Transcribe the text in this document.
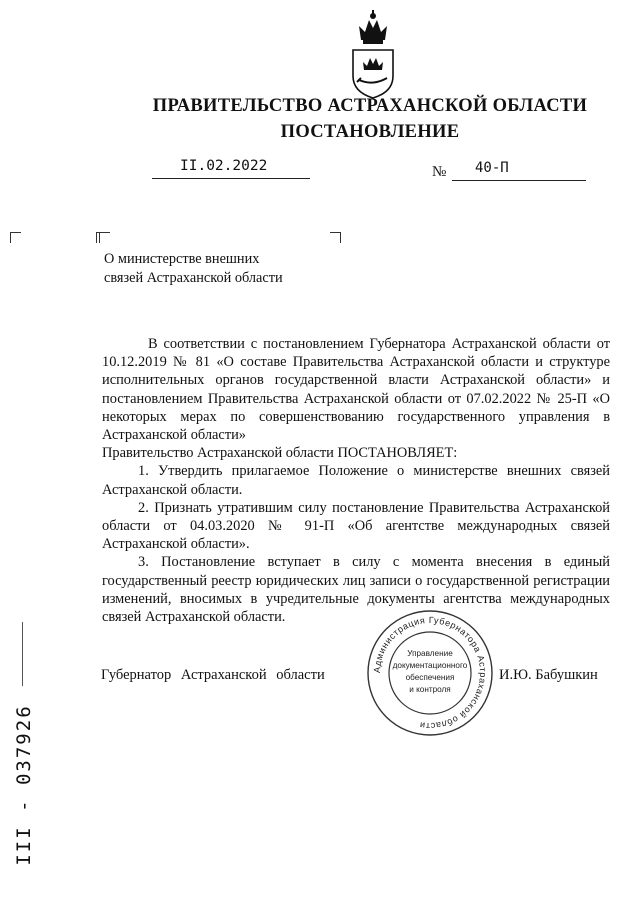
ПРАВИТЕЛЬСТВО АСТРАХАНСКОЙ ОБЛАСТИ
ПОСТАНОВЛЕНИЕ
II.02.2022	№ 40-П
О министерстве внешних
связей Астраханской области

В соответствии с постановлением Губернатора Астраханской области от 10.12.2019 № 81 «О составе Правительства Астраханской области и структуре исполнительных органов государственной власти Астраханской области» и постановлением Правительства Астраханской области от 07.02.2022 № 25-П «О некоторых мерах по совершенствованию государственного управления в Астраханской области»

Правительство Астраханской области ПОСТАНОВЛЯЕТ:

1. Утвердить прилагаемое Положение о министерстве внешних связей Астраханской области.

2. Признать утратившим силу постановление Правительства Астраханской области от 04.03.2020 № 91-П «Об агентстве международных связей Астраханской области».

3. Постановление вступает в силу с момента внесения в единый государственный реестр юридических лиц записи о государственной регистрации изменений, вносимых в учредительные документы агентства международных связей Астраханской области.

Губернатор Астраханской области	И.Ю. Бабушкин
Администрация Губернатора Астраханской области
Управление
документационного
обеспечения
и контроля
III - 037926
